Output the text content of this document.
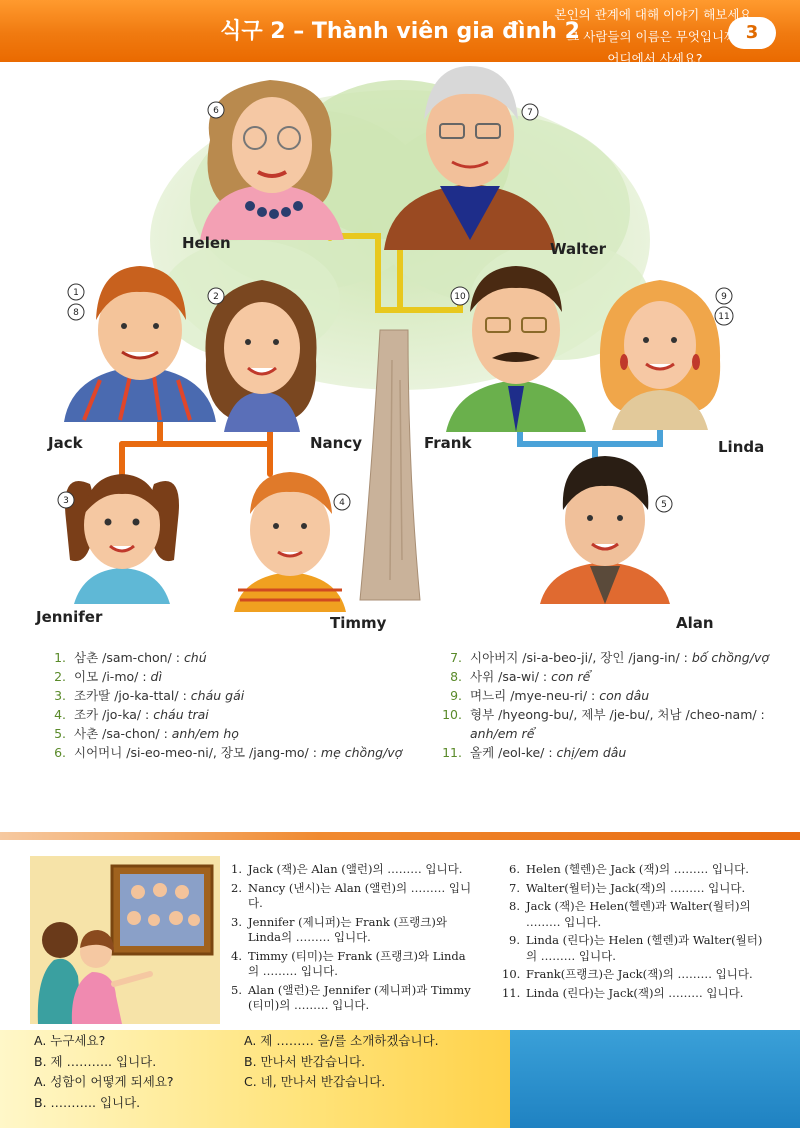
식구 2 – Thành viên gia đình 2	3
6	7
1
8
2	10	9
11
3	4	5
Helen	Walter
Jack	Nancy	Frank	Linda
Jennifer	Timmy	Alan
1. 삼촌 /sam-chon/ : chú
2. 이모 /i-mo/ : dì
3. 조카딸 /jo-ka-ttal/ : cháu gái
4. 조카 /jo-ka/ : cháu trai
5. 사촌 /sa-chon/ : anh/em họ
6. 시어머니 /si-eo-meo-ni/, 장모 /jang-mo/ : mẹ chồng/vợ
7. 시아버지 /si-a-beo-ji/, 장인 /jang-in/ : bố chồng/vợ
8. 사위 /sa-wi/ : con rể
9. 며느리 /mye-neu-ri/ : con dâu
10. 형부 /hyeong-bu/, 제부 /je-bu/, 처남 /cheo-nam/ : anh/em rể
11. 올케 /eol-ke/ : chị/em dâu
1. Jack (잭)은 Alan (앨런)의 ……… 입니다.
2. Nancy (낸시)는 Alan (앨런)의 ……… 입니다.
3. Jennifer (제니퍼)는 Frank (프랭크)와 Linda의 ……… 입니다.
4. Timmy (티미)는 Frank (프랭크)와 Linda의 ……… 입니다.
5. Alan (앨런)은 Jennifer (제니퍼)과 Timmy (티미)의 ……… 입니다.
6. Helen (헬렌)은 Jack (잭)의 ……… 입니다.
7. Walter(월터)는 Jack(잭)의 ……… 입니다.
8. Jack (잭)은 Helen(헬렌)과 Walter(월터)의 ……… 입니다.
9. Linda (린다)는 Helen (헬렌)과 Walter(월터)의 ……… 입니다.
10. Frank(프랭크)은 Jack(잭)의 ……… 입니다.
11. Linda (린다)는 Jack(잭)의 ……… 입니다.
A. 누구세요?
B. 제 ……….. 입니다.
A. 성함이 어떻게 되세요?
B. ……….. 입니다.
A. 제 ……… 을/를 소개하겠습니다.
B. 만나서 반갑습니다.
C. 네, 만나서 반갑습니다.
본인의 관계에 대해 이야기 해보세요.
그 사람들의 이름은 무엇입니까?
어디에서 사세요?
가계도를 그리고 이야기해 보세요.
